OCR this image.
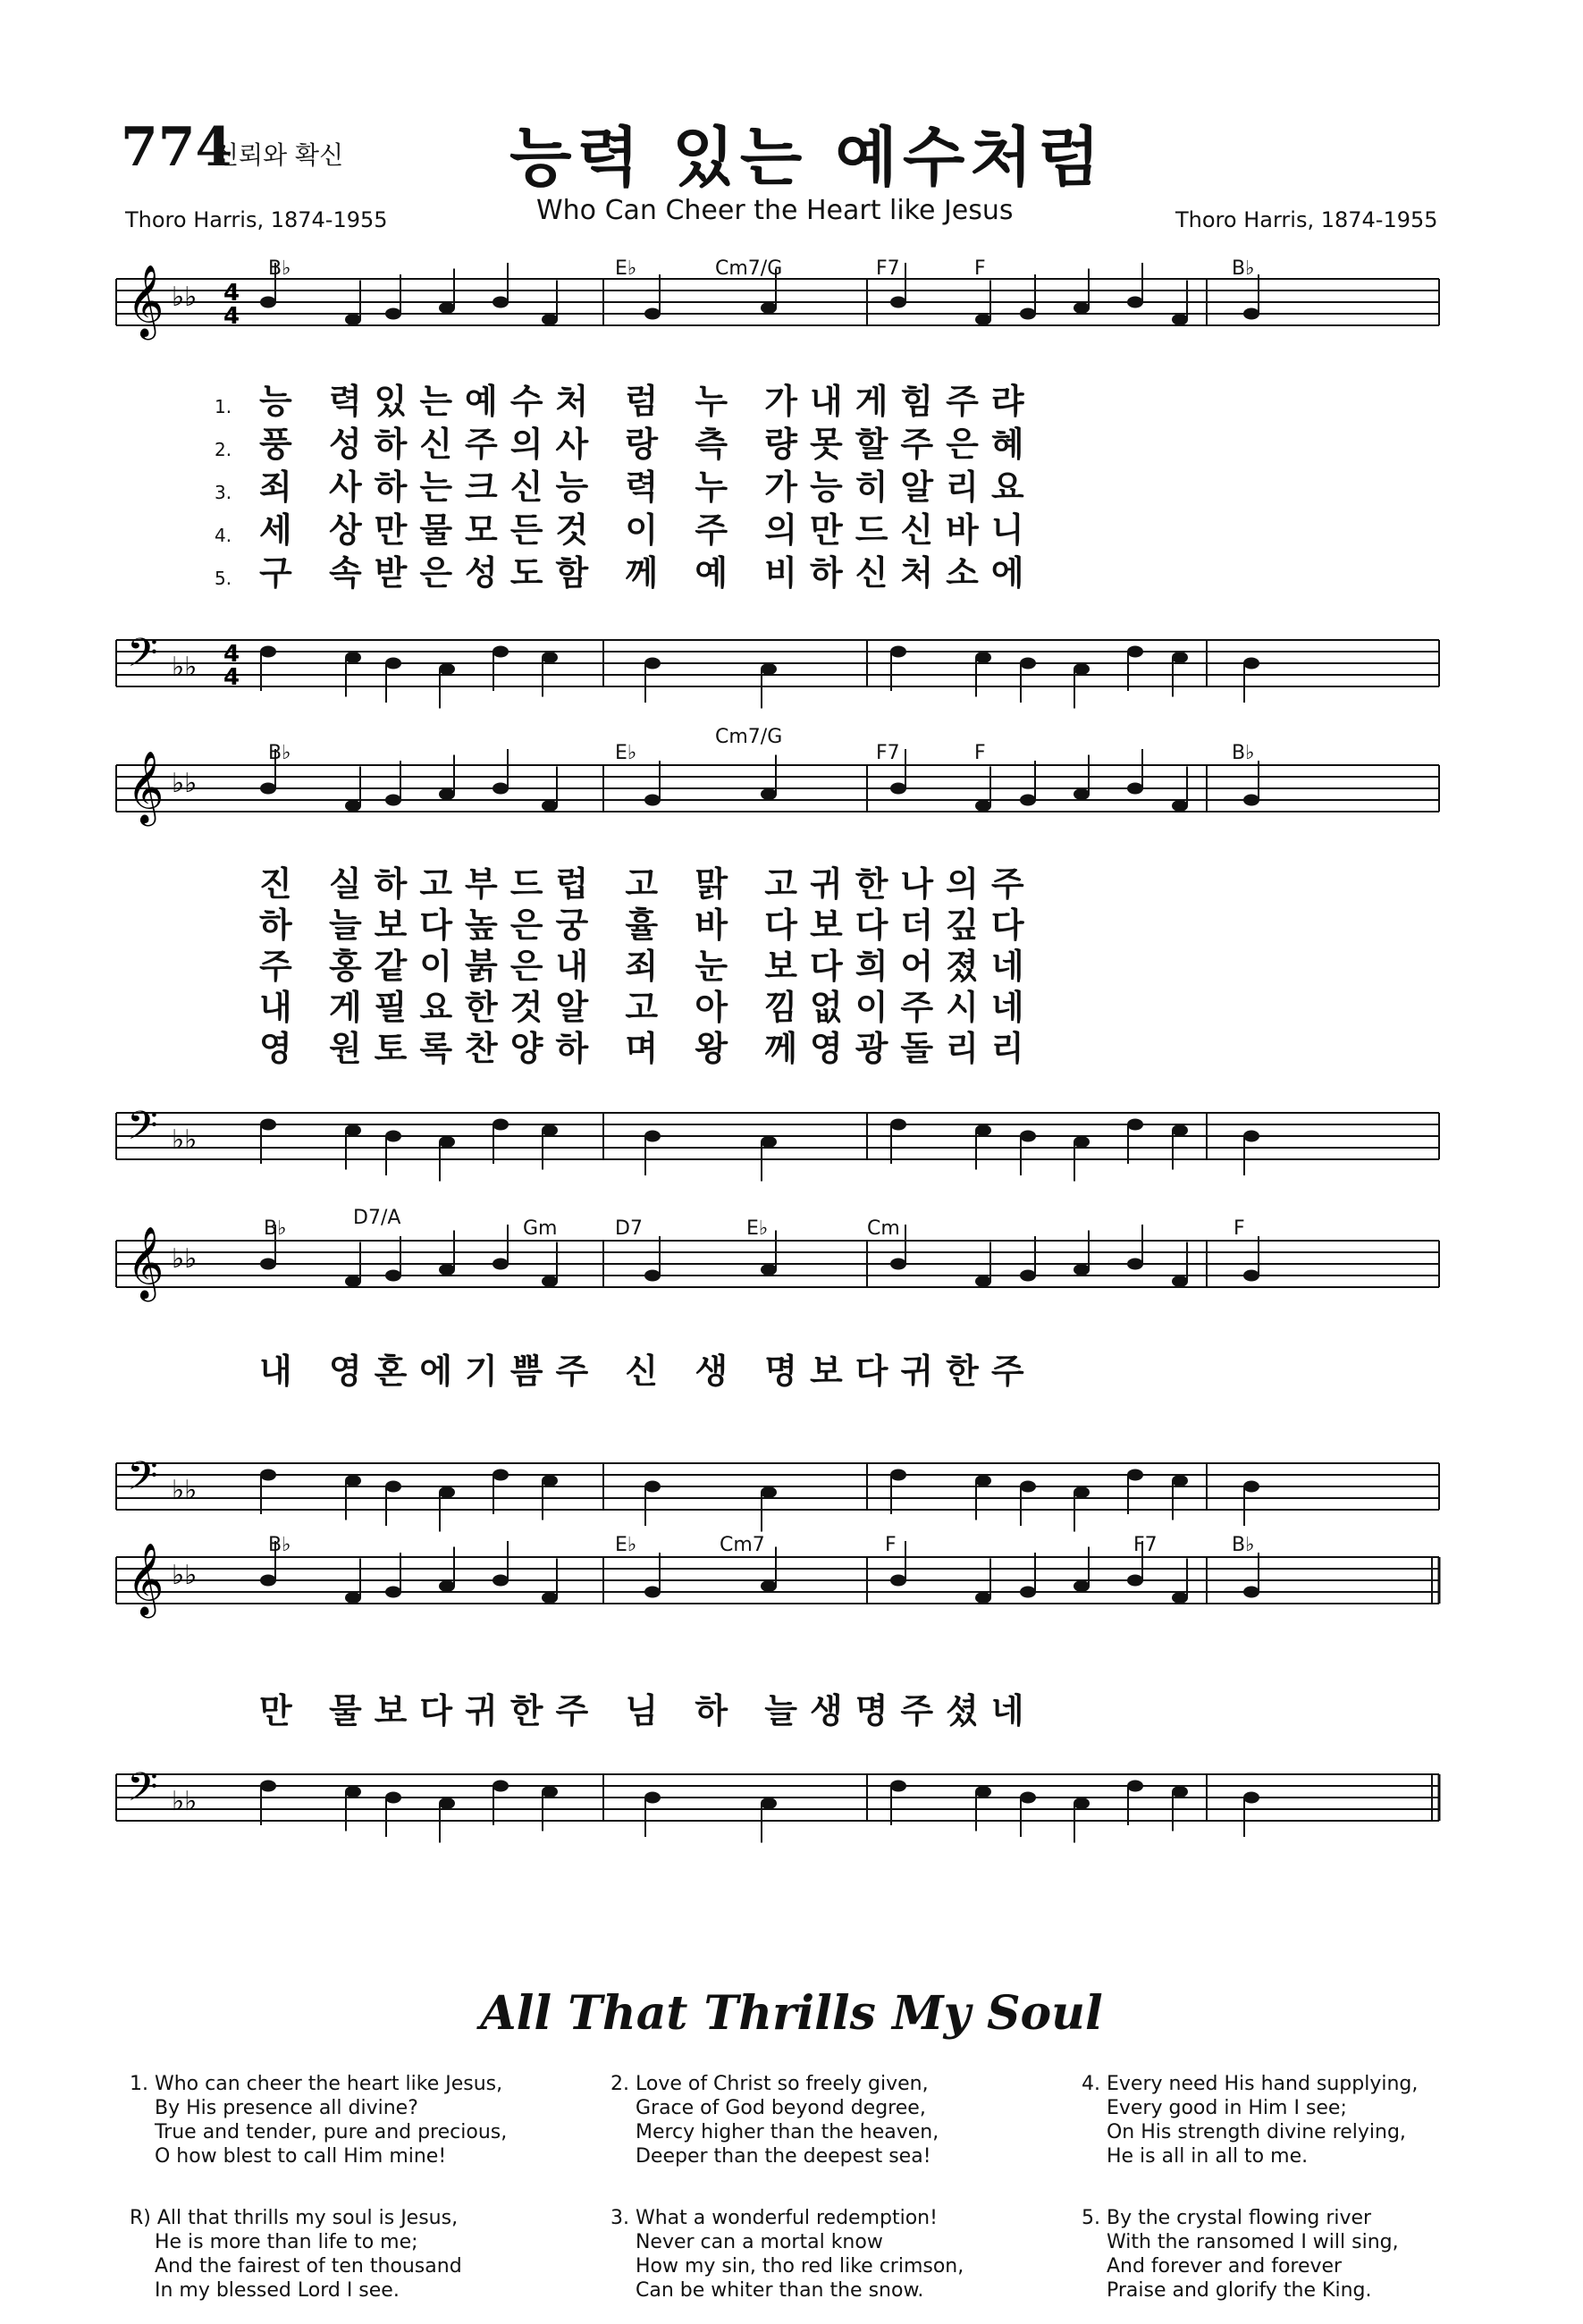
774
신뢰와 확신	능력 있는 예수처럼
Who Can Cheer the Heart like Jesus
Thoro Harris, 1874-1955	Thoro Harris, 1874-1955
𝄞 ♭♭ 4
4
𝄢 ♭♭ 4
4
𝄞 ♭♭
𝄢 ♭♭
𝄞 ♭♭
𝄢 ♭♭
𝄞 ♭♭
𝄢 ♭♭
B♭	E♭	Cm7/G	F7	F	B♭
1. 능 력있는예수처 럼 누 가내게힘주랴
2. 풍 성하신주의사 랑 측 량못할주은혜
3. 죄 사하는크신능 력 누 가능히알리요
4. 세 상만물모든것 이 주 의만드신바니
5. 구 속받은성도함 께 예 비하신처소에
B♭	E♭
Cm7/G
F7	F	B♭
진 실하고부드럽 고 맑 고귀한나의주
하 늘보다높은궁 휼 바 다보다더깊다
주 홍같이붉은내 죄 눈 보다희어졌네
내 게필요한것알 고 아 낌없이주시네
영 원토록찬양하 며 왕 께영광돌리리
B♭	D7/A	Gm	D7	E♭	Cm	F
내 영혼에기쁨주 신 생 명보다귀한주
B♭	E♭	Cm7	F	F7	B♭
만 물보다귀한주 님 하 늘생명주셨네
All That Thrills My Soul
1. Who can cheer the heart like Jesus,
By His presence all divine?
True and tender, pure and precious,
O how blest to call Him mine!
R) All that thrills my soul is Jesus,
He is more than life to me;
And the fairest of ten thousand
In my blessed Lord I see.
2. Love of Christ so freely given,
Grace of God beyond degree,
Mercy higher than the heaven,
Deeper than the deepest sea!
3. What a wonderful redemption!
Never can a mortal know
How my sin, tho red like crimson,
Can be whiter than the snow.
4. Every need His hand supplying,
Every good in Him I see;
On His strength divine relying,
He is all in all to me.
5. By the crystal flowing river
With the ransomed I will sing,
And forever and forever
Praise and glorify the King.
